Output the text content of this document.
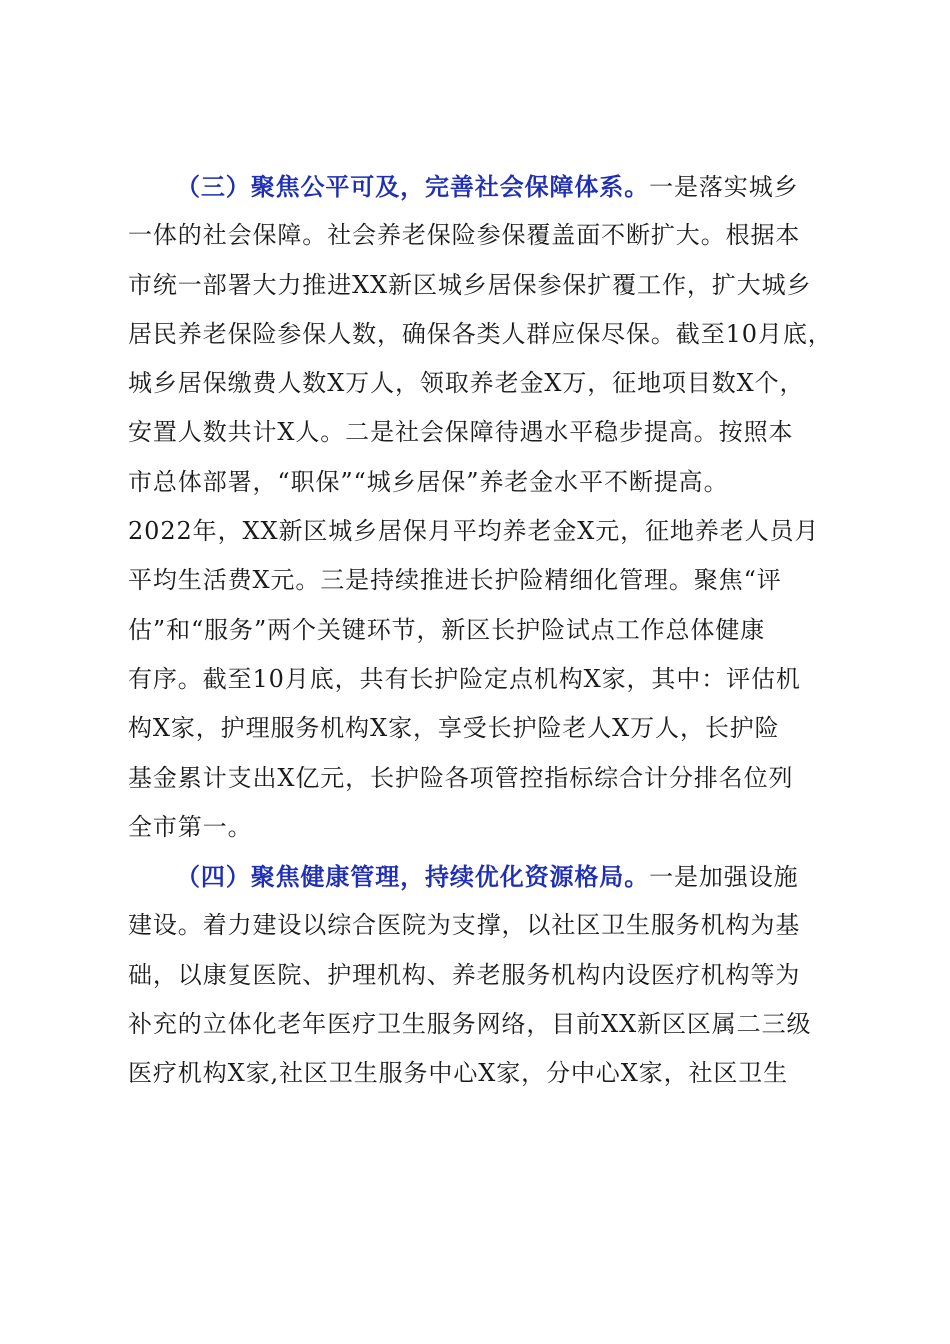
（三）聚焦公平可及，完善社会保障体系。一是落实城乡
一体的社会保障。社会养老保险参保覆盖面不断扩大。根据本
市统一部署大力推进XX新区城乡居保参保扩覆工作，扩大城乡
居民养老保险参保人数，确保各类人群应保尽保。截至10月底，
城乡居保缴费人数X万人，领取养老金X万，征地项目数X个，
安置人数共计X人。二是社会保障待遇水平稳步提高。按照本
市总体部署，“职保”“城乡居保”养老金水平不断提高。
2022年，XX新区城乡居保月平均养老金X元，征地养老人员月
平均生活费X元。三是持续推进长护险精细化管理。聚焦“评
估”和“服务”两个关键环节，新区长护险试点工作总体健康
有序。截至10月底，共有长护险定点机构X家，其中：评估机
构X家，护理服务机构X家，享受长护险老人X万人，长护险
基金累计支出X亿元，长护险各项管控指标综合计分排名位列
全市第一。
（四）聚焦健康管理，持续优化资源格局。一是加强设施
建设。着力建设以综合医院为支撑，以社区卫生服务机构为基
础，以康复医院、护理机构、养老服务机构内设医疗机构等为
补充的立体化老年医疗卫生服务网络，目前XX新区区属二三级
医疗机构X家,社区卫生服务中心X家，分中心X家，社区卫生
